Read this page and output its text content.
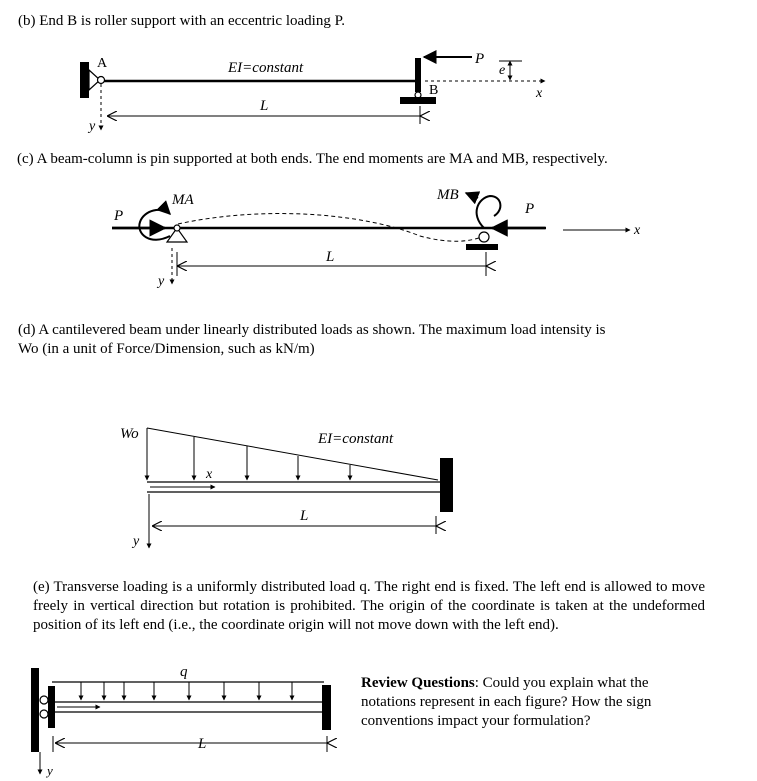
(b) End B is roller support with an eccentric loading P.

A	EI=constant
B
P
e
x
y
L
P
MA	MB
P
x
y
L
Wo	EI=constant
x
y
L
q
y
L

(c) A beam-column is pin supported at both ends. The end moments are MA and MB, respectively.

(d) A cantilevered beam under linearly distributed loads as shown. The maximum load intensity is

Wo (in a unit of Force/Dimension, such as kN/m)

(e) Transverse loading is a uniformly distributed load q. The right end is fixed. The left end is allowed to move freely in vertical direction but rotation is prohibited. The origin of the coordinate is taken at the undeformed position of its left end (i.e., the coordinate origin will not move down with the left end).

Review Questions: Could you explain what the notations represent in each figure? How the sign conventions impact your formulation?
